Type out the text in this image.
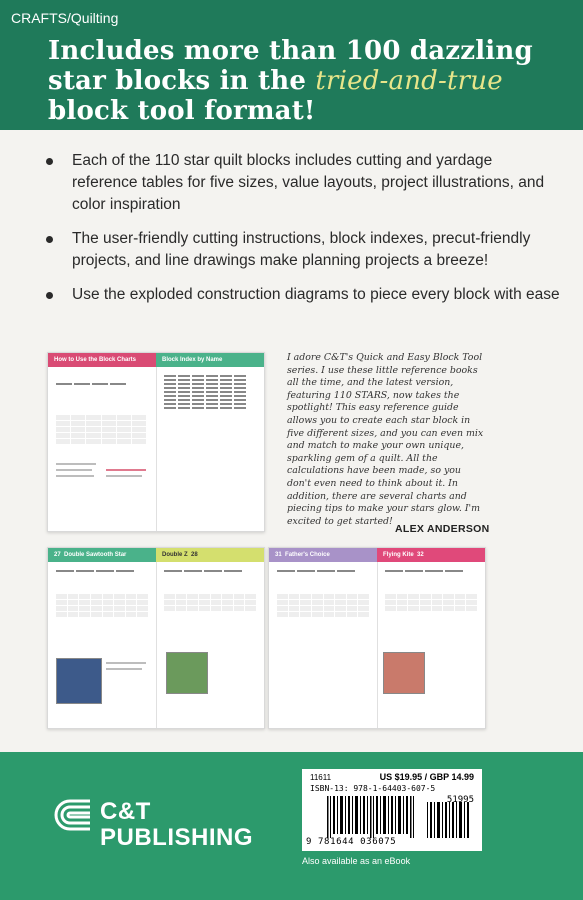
CRAFTS/Quilting
Includes more than 100 dazzling star blocks in the tried-and-true block tool format!
Each of the 110 star quilt blocks includes cutting and yardage reference tables for five sizes, value layouts, project illustrations, and color inspiration
The user-friendly cutting instructions, block indexes, precut-friendly projects, and line drawings make planning projects a breeze!
Use the exploded construction diagrams to piece every block with ease
How to Use the Block Charts	Block Index by Name	I adore C&T's Quick and Easy Block Tool series. I use these little reference books all the time, and the latest version, featuring 110 STARS, now takes the spotlight! This easy reference guide allows you to create each star block in five different sizes, and you can even mix and match to make your own unique, sparkling gem of a quilt. All the calculations have been made, so you don't even need to think about it. In addition, there are several charts and piecing tips to make your stars glow. I'm excited to get started!
ALEX ANDERSON
27 Double Sawtooth Star	Double Z 28	31 Father's Choice	Flying Kite 32
C&T
PUBLISHING
11611	US $19.95 / GBP 14.99
ISBN-13: 978-1-64403-607-5
51995
9 781644 036075
Also available as an eBook
